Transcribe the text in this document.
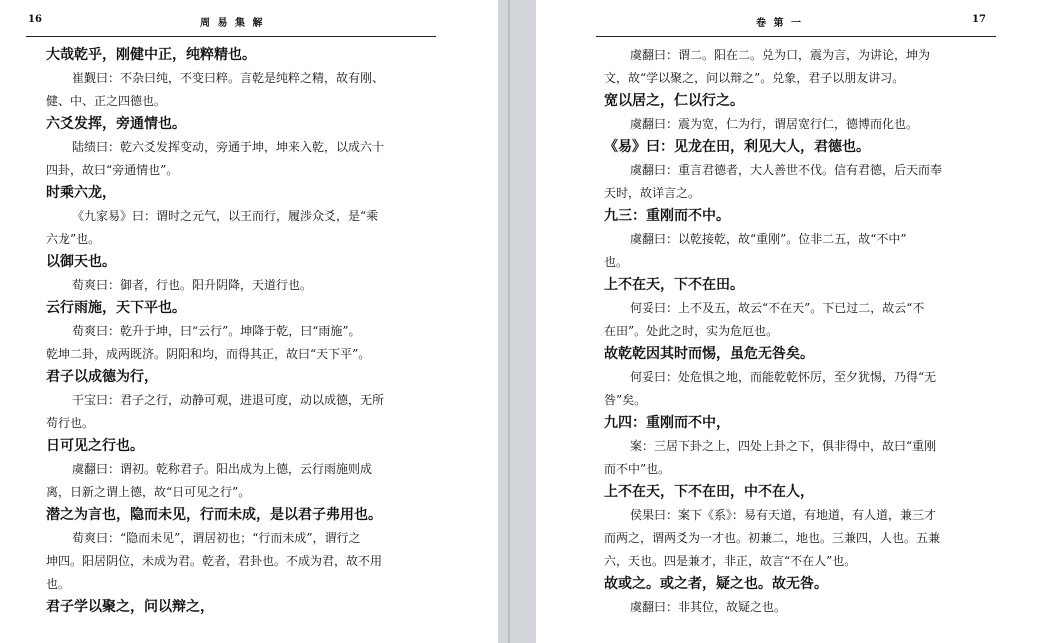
16	周 易 集 解
大哉乾乎，刚健中正，纯粹精也。
崔觐曰：不杂曰纯，不变曰粹。言乾是纯粹之精，故有刚、
健、中、正之四德也。
六爻发挥，旁通情也。
陆绩曰：乾六爻发挥变动，旁通于坤，坤来入乾，以成六十
四卦，故曰“旁通情也”。
时乘六龙，
《九家易》曰：谓时之元气，以王而行，履涉众爻，是“乘
六龙”也。
以御天也。
荀爽曰：御者，行也。阳升阴降，天道行也。
云行雨施，天下平也。
荀爽曰：乾升于坤，曰“云行”。坤降于乾，曰“雨施”。
乾坤二卦，成两既济。阴阳和均，而得其正，故曰“天下平”。
君子以成德为行，
干宝曰：君子之行，动静可观，进退可度，动以成德，无所
苟行也。
日可见之行也。
虞翻曰：谓初。乾称君子。阳出成为上德，云行雨施则成
离，日新之谓上德，故“日可见之行”。
潜之为言也，隐而未见，行而未成，是以君子弗用也。
荀爽曰：“隐而未见”，谓居初也；“行而未成”，谓行之
坤四。阳居阴位，未成为君。乾者，君卦也。不成为君，故不用
也。
君子学以聚之，问以辩之，
卷 第 一	17
虞翻曰：谓二。阳在二。兑为口，震为言，为讲论，坤为
文，故“学以聚之，问以辩之”。兑象，君子以朋友讲习。
宽以居之，仁以行之。
虞翻曰：震为宽，仁为行，谓居宽行仁，德博而化也。
《易》曰：见龙在田，利见大人，君德也。
虞翻曰：重言君德者，大人善世不伐。信有君德，后天而奉
天时，故详言之。
九三：重刚而不中。
虞翻曰：以乾接乾，故“重刚”。位非二五，故“不中”
也。
上不在天，下不在田。
何妥曰：上不及五，故云“不在天”。下已过二，故云“不
在田”。处此之时，实为危厄也。
故乾乾因其时而惕，虽危无咎矣。
何妥曰：处危惧之地，而能乾乾怀厉，至夕犹惕，乃得“无
咎”矣。
九四：重刚而不中，
案：三居下卦之上，四处上卦之下，俱非得中，故曰“重刚
而不中”也。
上不在天，下不在田，中不在人，
侯果曰：案下《系》：易有天道，有地道，有人道，兼三才
而两之，谓两爻为一才也。初兼二，地也。三兼四，人也。五兼
六，天也。四是兼才，非正，故言“不在人”也。
故或之。或之者，疑之也。故无咎。
虞翻曰：非其位，故疑之也。
